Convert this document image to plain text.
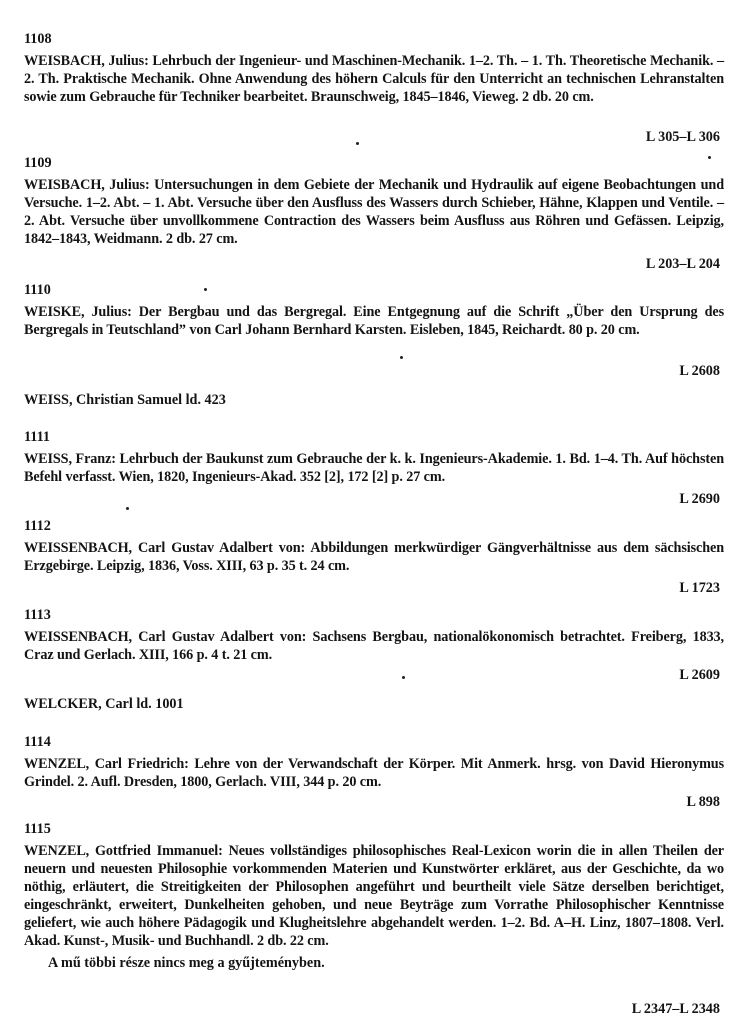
1108

WEISBACH, Julius: Lehrbuch der Ingenieur- und Maschinen-Mechanik. 1–2. Th. – 1. Th. Theoretische Mechanik. – 2. Th. Praktische Mechanik. Ohne Anwendung des höhern Calculs für den Unterricht an technischen Lehranstalten sowie zum Gebrauche für Techniker bearbeitet. Braunschweig, 1845–1846, Vieweg. 2 db. 20 cm.

L 305–L 306
1109

WEISBACH, Julius: Untersuchungen in dem Gebiete der Mechanik und Hydraulik auf eigene Beobachtungen und Versuche. 1–2. Abt. – 1. Abt. Versuche über den Ausfluss des Wassers durch Schieber, Hähne, Klappen und Ventile. – 2. Abt. Versuche über unvollkommene Contraction des Wassers beim Ausfluss aus Röhren und Gefässen. Leipzig, 1842–1843, Weidmann. 2 db. 27 cm.

L 203–L 204
1110

WEISKE, Julius: Der Bergbau und das Bergregal. Eine Entgegnung auf die Schrift „Über den Ursprung des Bergregals in Teutschland” von Carl Johann Bernhard Karsten. Eisleben, 1845, Reichardt. 80 p. 20 cm.

L 2608
WEISS, Christian Samuel ld. 423
1111

WEISS, Franz: Lehrbuch der Baukunst zum Gebrauche der k. k. Ingenieurs-Akademie. 1. Bd. 1–4. Th. Auf höchsten Befehl verfasst. Wien, 1820, Ingenieurs-Akad. 352 [2], 172 [2] p. 27 cm.

L 2690
1112

WEISSENBACH, Carl Gustav Adalbert von: Abbildungen merkwürdiger Gängverhältnisse aus dem sächsischen Erzgebirge. Leipzig, 1836, Voss. XIII, 63 p. 35 t. 24 cm.

L 1723
1113

WEISSENBACH, Carl Gustav Adalbert von: Sachsens Bergbau, nationalökonomisch betrachtet. Freiberg, 1833, Craz und Gerlach. XIII, 166 p. 4 t. 21 cm.

L 2609
WELCKER, Carl ld. 1001
1114

WENZEL, Carl Friedrich: Lehre von der Verwandschaft der Körper. Mit Anmerk. hrsg. von David Hieronymus Grindel. 2. Aufl. Dresden, 1800, Gerlach. VIII, 344 p. 20 cm.

L 898
1115

WENZEL, Gottfried Immanuel: Neues vollständiges philosophisches Real-Lexicon worin die in allen Theilen der neuern und neuesten Philosophie vorkommenden Materien und Kunstwörter erkläret, aus der Geschichte, da wo nöthig, erläutert, die Streitigkeiten der Philosophen angeführt und beurtheilt viele Sätze derselben berichtiget, eingeschränkt, erweitert, Dunkelheiten gehoben, und neue Beyträge zum Vorrathe Philosophischer Kenntnisse geliefert, wie auch höhere Pädagogik und Klugheitslehre abgehandelt werden. 1–2. Bd. A–H. Linz, 1807–1808. Verl. Akad. Kunst-, Musik- und Buchhandl. 2 db. 22 cm.

A mű többi része nincs meg a gyűjteményben.
L 2347–L 2348
